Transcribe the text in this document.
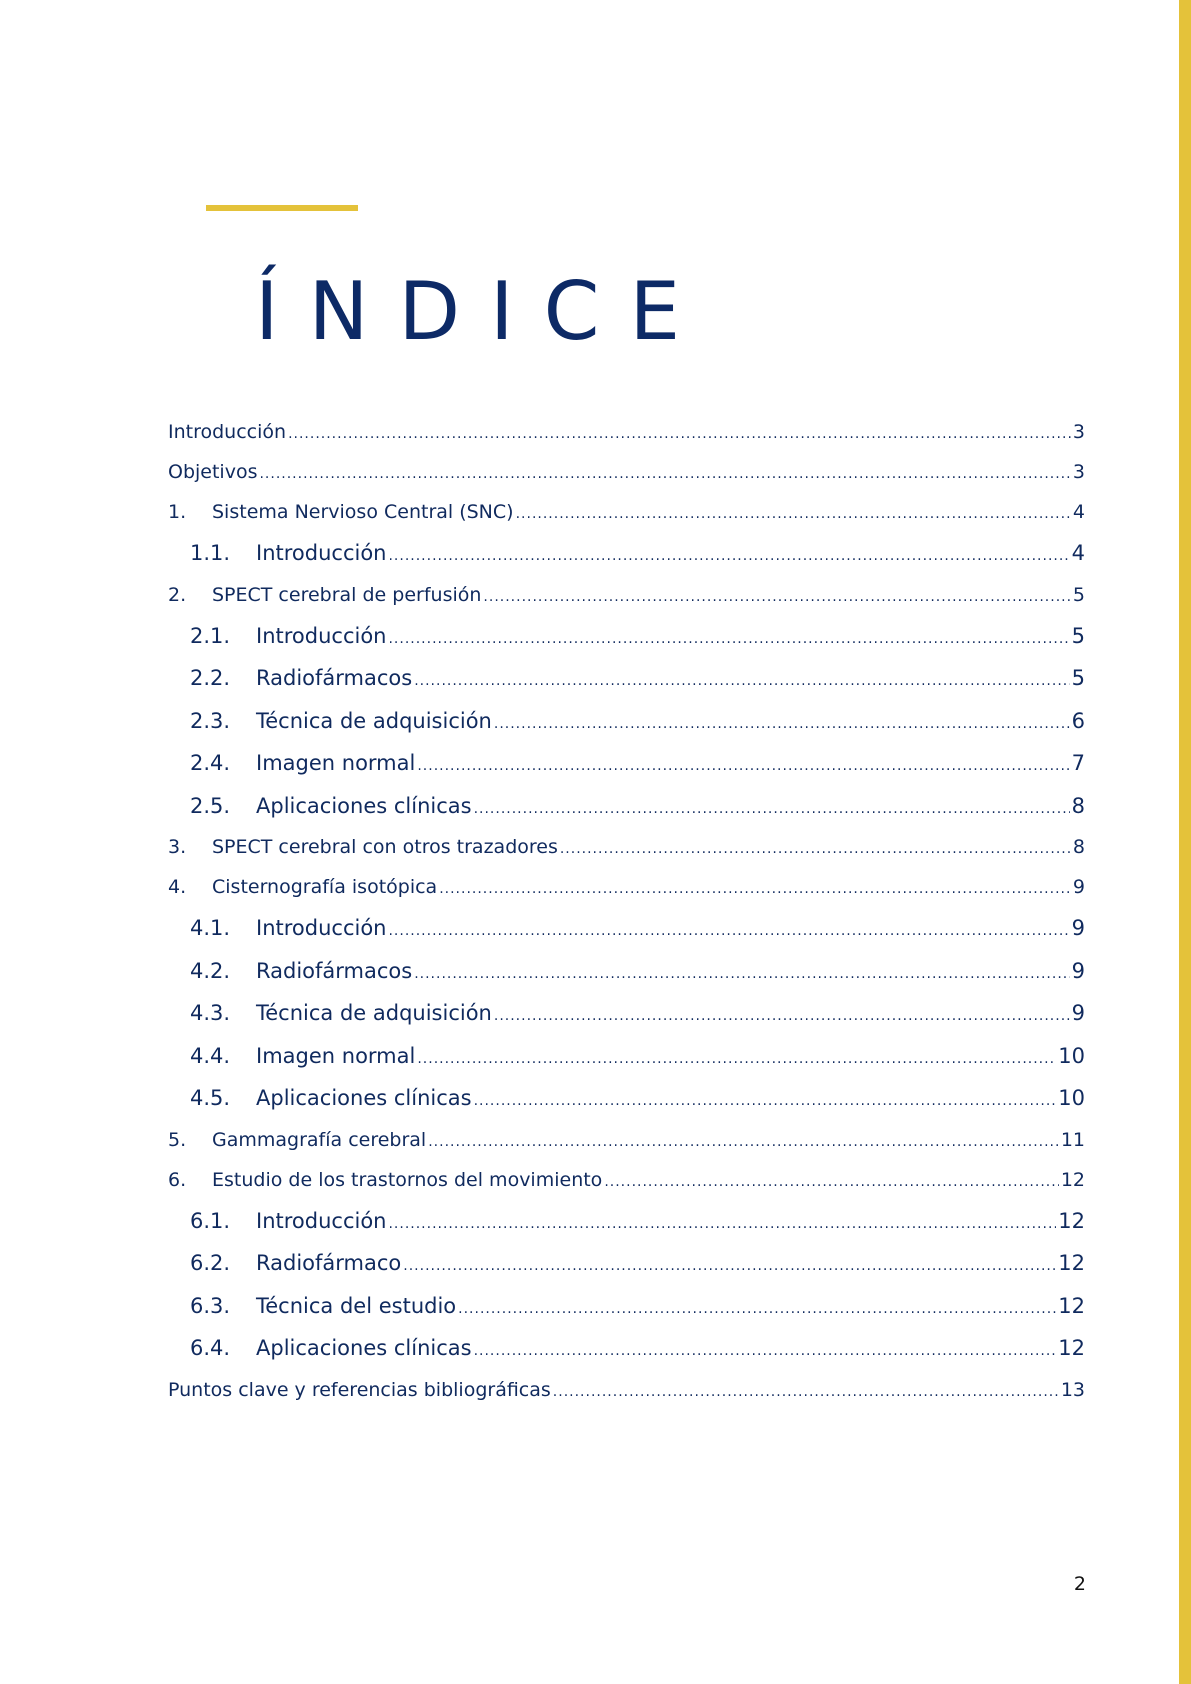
ÍNDICE
Introducción .....	3
Objetivos .....	3
1.	Sistema Nervioso Central (SNC) .....	4
1.1.	Introducción .....	4
2.	SPECT cerebral de perfusión .....	5
2.1.	Introducción .....	5
2.2.	Radiofármacos .....	5
2.3.	Técnica de adquisición .....	6
2.4.	Imagen normal .....	7
2.5.	Aplicaciones clínicas .....	8
3.	SPECT cerebral con otros trazadores .....	8
4.	Cisternografía isotópica .....	9
4.1.	Introducción .....	9
4.2.	Radiofármacos .....	9
4.3.	Técnica de adquisición .....	9
4.4.	Imagen normal .....	10
4.5.	Aplicaciones clínicas .....	10
5.	Gammagrafía cerebral .....	11
6.	Estudio de los trastornos del movimiento .....	12
6.1.	Introducción .....	12
6.2.	Radiofármaco .....	12
6.3.	Técnica del estudio .....	12
6.4.	Aplicaciones clínicas .....	12
Puntos clave y referencias bibliográficas .....	13
2
